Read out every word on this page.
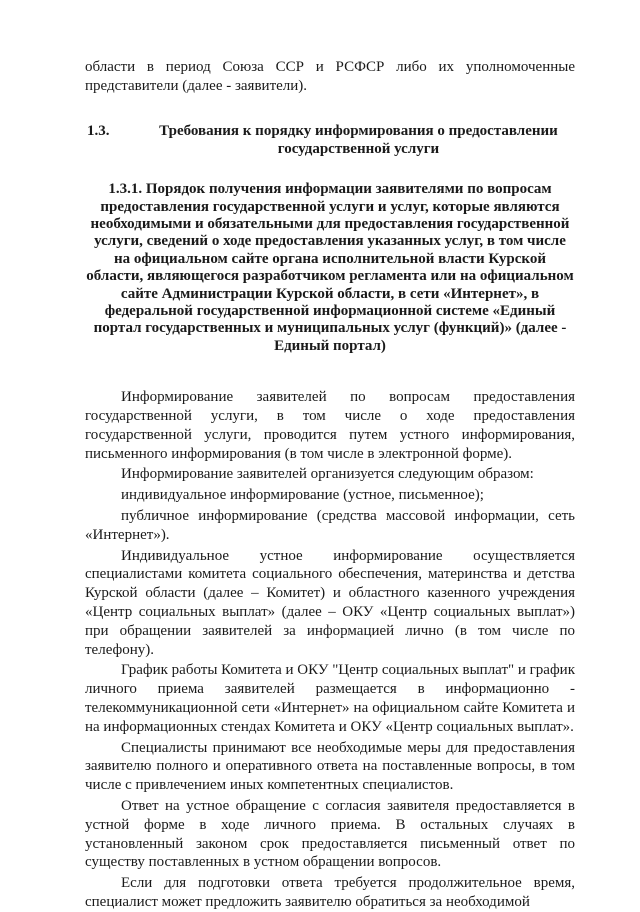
области в период Союза ССР и РСФСР либо их уполномоченные представители (далее - заявители).

1.3.	Требования к порядку информирования о предоставлении государственной услуги
1.3.1. Порядок получения информации заявителями по вопросам предоставления государственной услуги и услуг, которые являются необходимыми и обязательными для предоставления государственной услуги, сведений о ходе предоставления указанных услуг, в том числе на официальном сайте органа исполнительной власти Курской области, являющегося разработчиком регламента или на официальном сайте Администрации Курской области, в сети «Интернет», в федеральной государственной информационной системе «Единый портал государственных и муниципальных услуг (функций)» (далее - Единый портал)

Информирование заявителей по вопросам предоставления государственной услуги, в том числе о ходе предоставления государственной услуги, проводится путем устного информирования, письменного информирования (в том числе в электронной форме).

Информирование заявителей организуется следующим образом:

индивидуальное информирование (устное, письменное);

публичное информирование (средства массовой информации, сеть «Интернет»).

Индивидуальное устное информирование осуществляется специалистами комитета социального обеспечения, материнства и детства Курской области (далее – Комитет) и областного казенного учреждения «Центр социальных выплат» (далее – ОКУ «Центр социальных выплат») при обращении заявителей за информацией лично (в том числе по телефону).

График работы Комитета и ОКУ "Центр социальных выплат" и график личного приема заявителей размещается в информационно - телекоммуникационной сети «Интернет» на официальном сайте Комитета и на информационных стендах Комитета и ОКУ «Центр социальных выплат».

Специалисты принимают все необходимые меры для предоставления заявителю полного и оперативного ответа на поставленные вопросы, в том числе с привлечением иных компетентных специалистов.

Ответ на устное обращение с согласия заявителя предоставляется в устной форме в ходе личного приема. В остальных случаях в установленный законом срок предоставляется письменный ответ по существу поставленных в устном обращении вопросов.

Если для подготовки ответа требуется продолжительное время, специалист может предложить заявителю обратиться за необходимой
